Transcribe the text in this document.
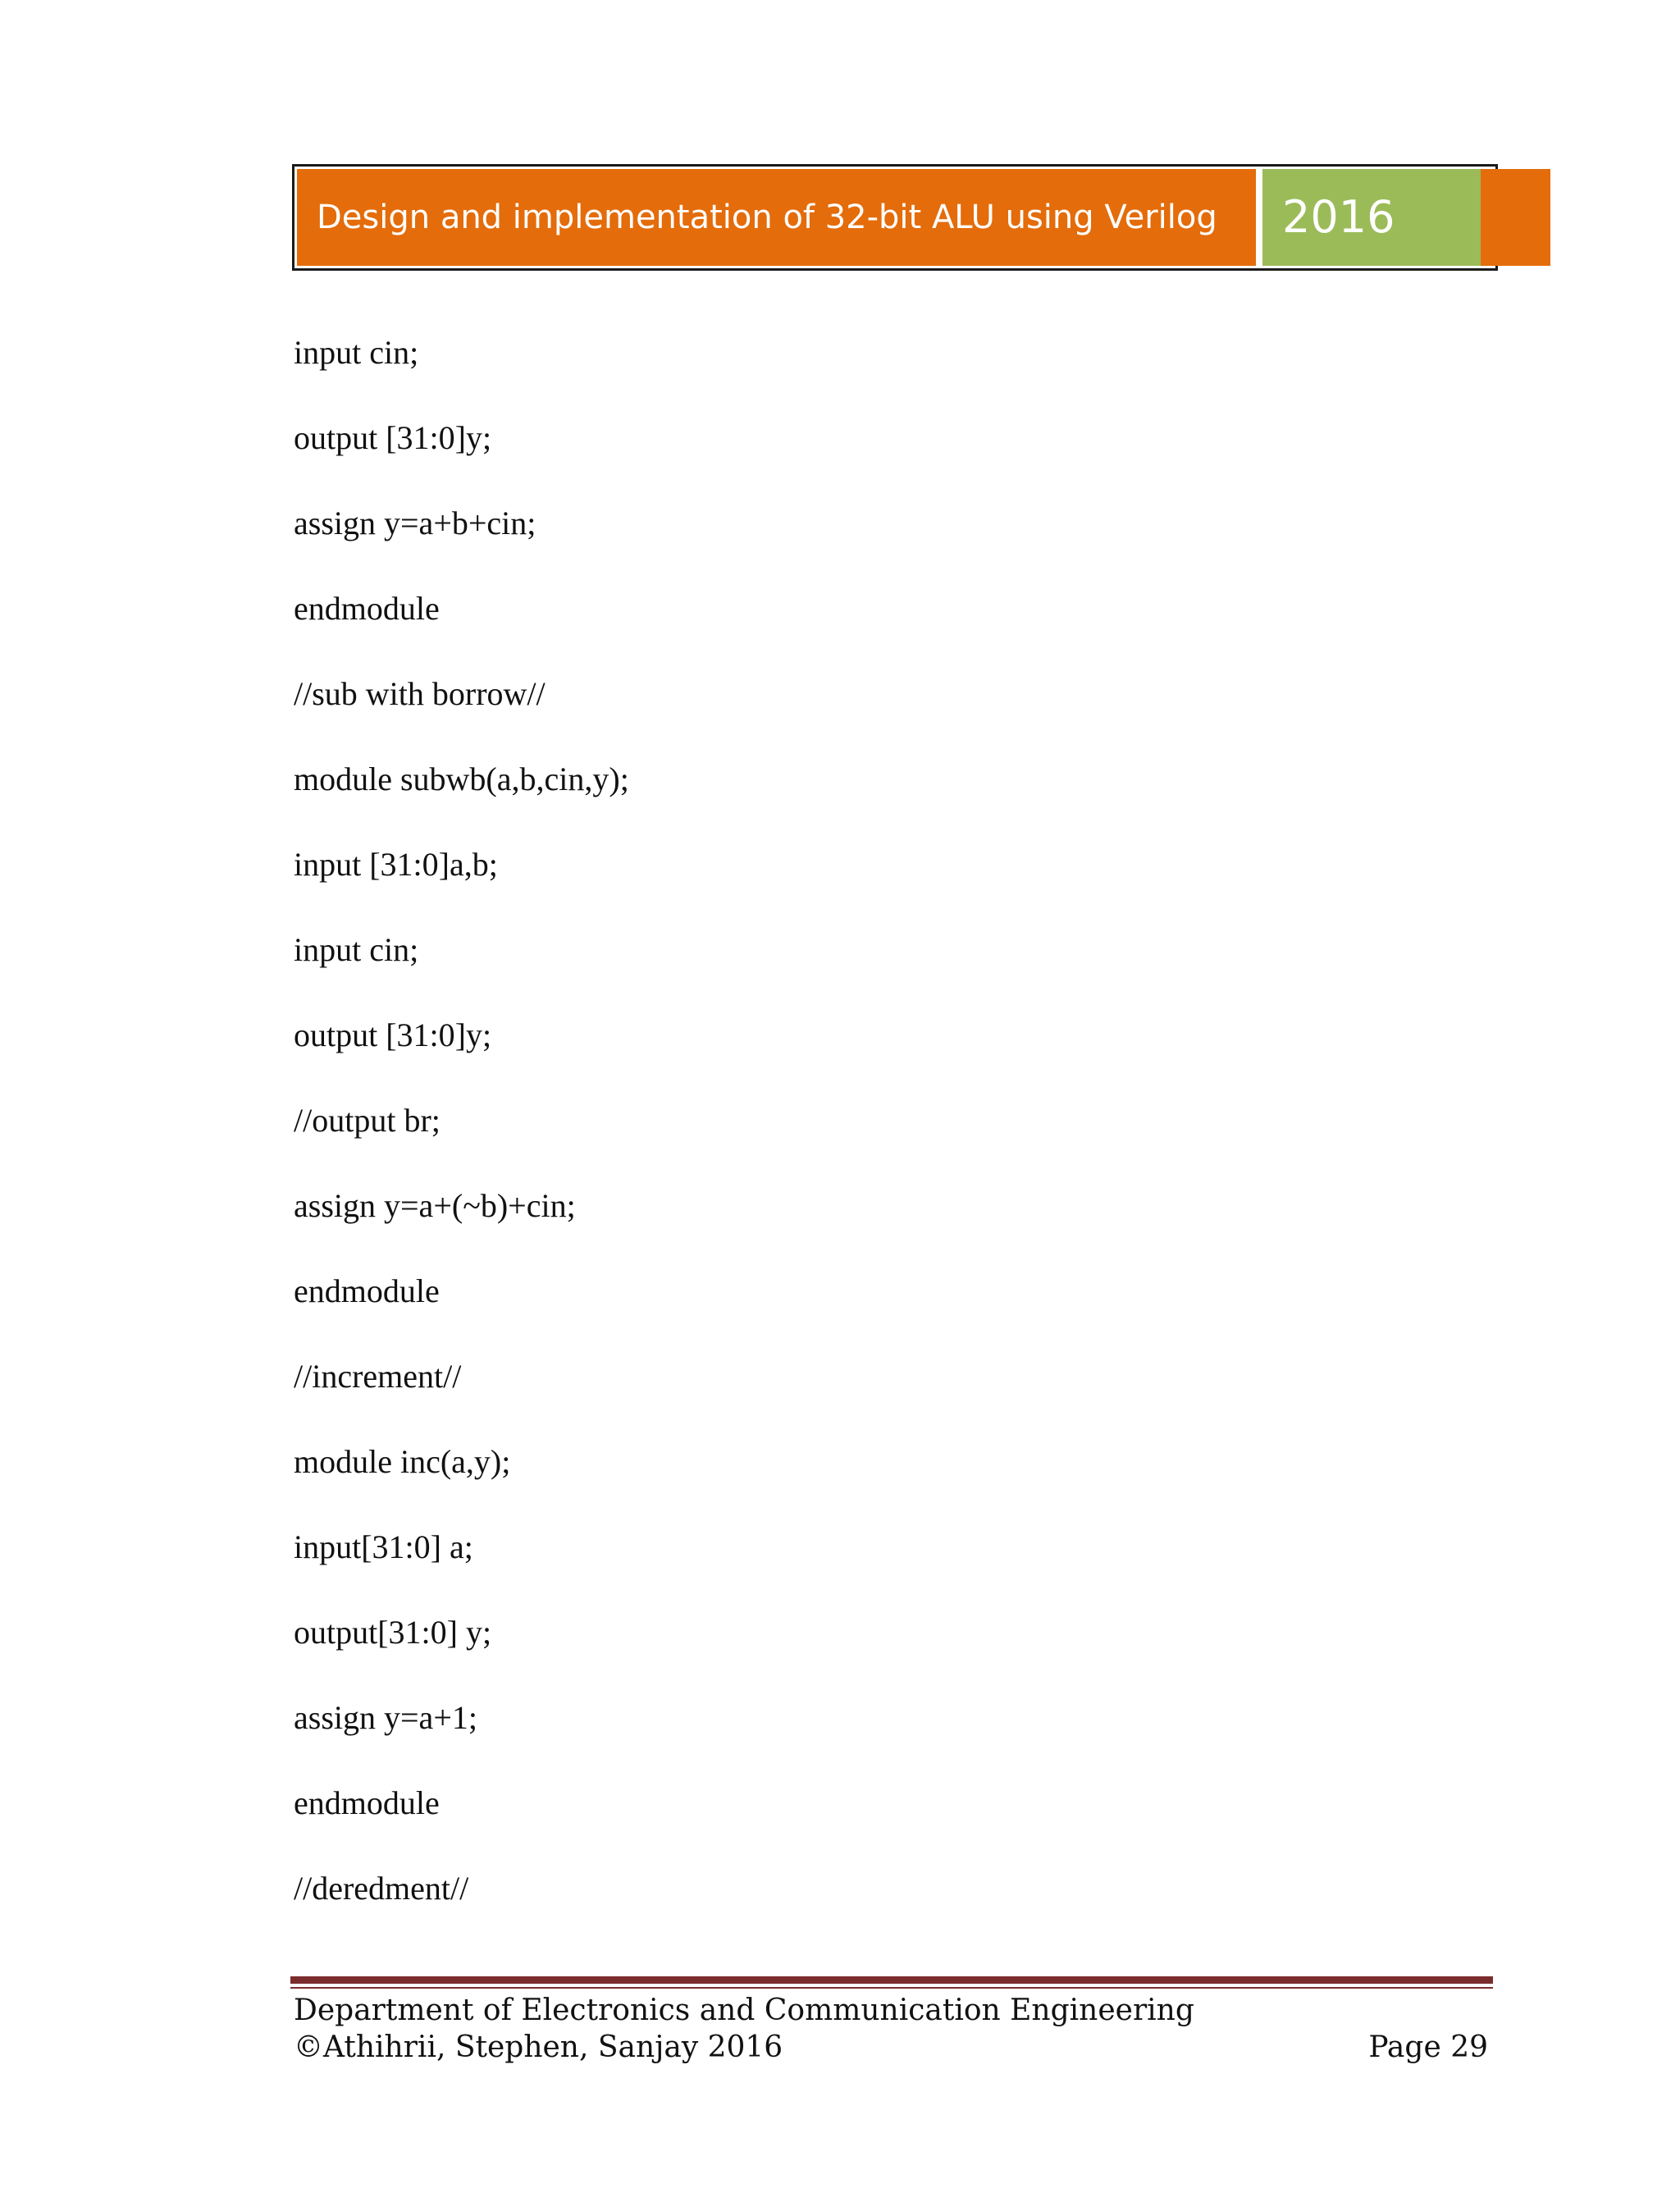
Design and implementation of 32-bit ALU using Verilog 2016
input cin;
output [31:0]y;
assign y=a+b+cin;
endmodule
//sub with borrow//
module subwb(a,b,cin,y);
input [31:0]a,b;
input cin;
output [31:0]y;
//output br;
assign y=a+(~b)+cin;
endmodule
//increment//
module inc(a,y);
input[31:0] a;
output[31:0] y;
assign y=a+1;
endmodule
//deredment//
Department of Electronics and Communication Engineering
©Athihrii, Stephen, Sanjay 2016	Page 29
